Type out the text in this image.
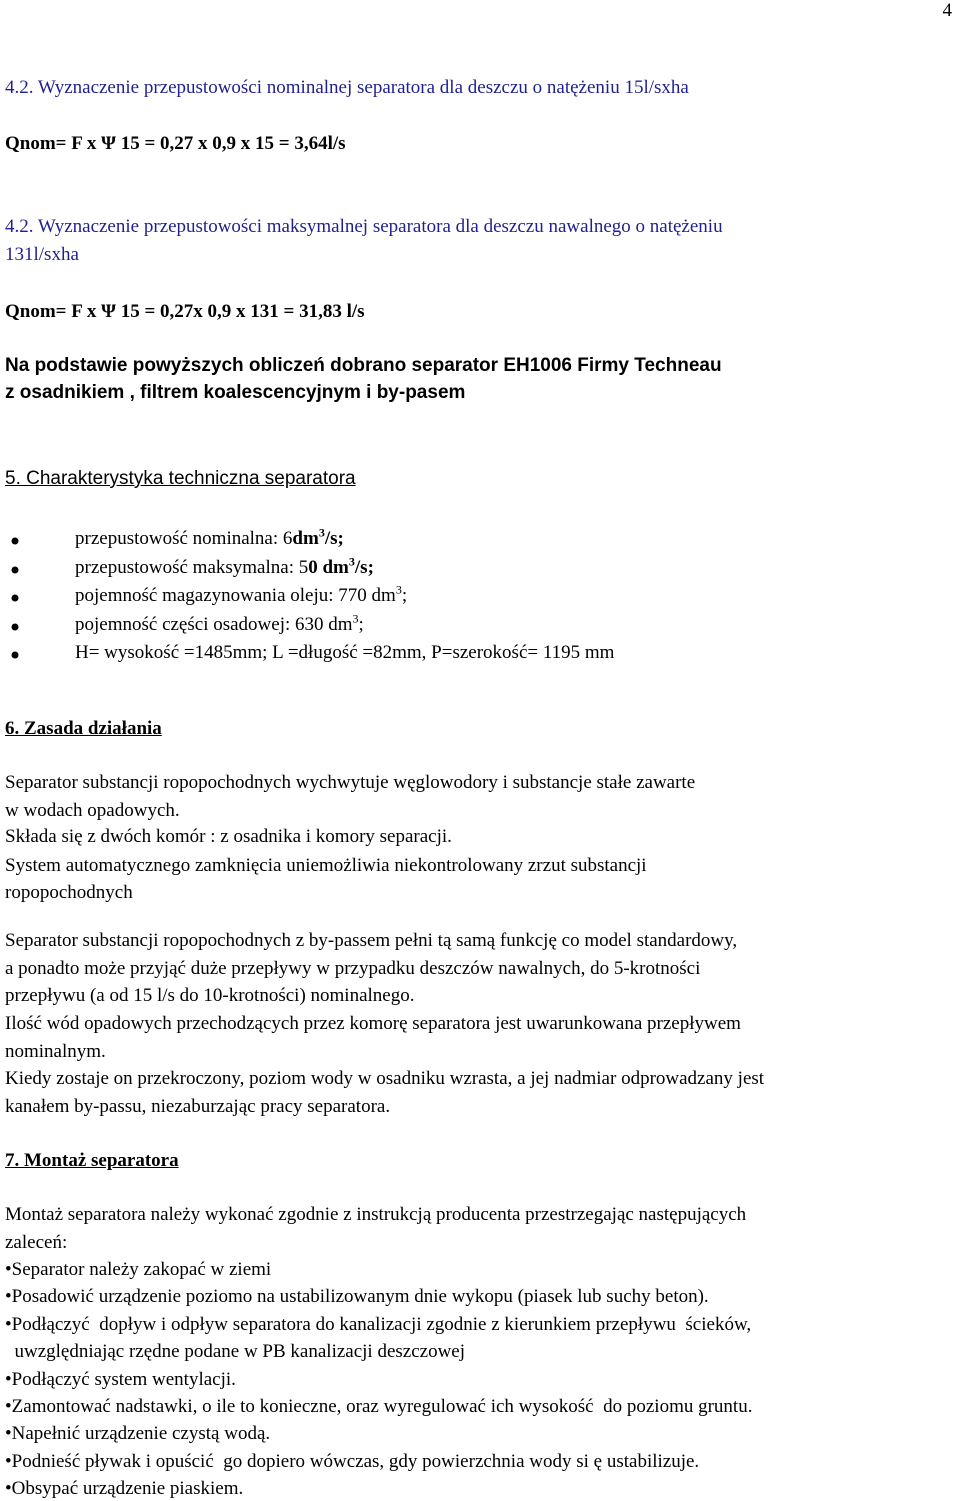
4
4.2. Wyznaczenie przepustowości nominalnej separatora dla deszczu o natężeniu 15l/sxha
Qnom= F x Ψ 15 = 0,27 x 0,9 x 15 = 3,64l/s
4.2. Wyznaczenie przepustowości maksymalnej separatora dla deszczu nawalnego o natężeniu
131l/sxha
Qnom= F x Ψ 15 = 0,27x 0,9 x 131 = 31,83 l/s
Na podstawie powyższych obliczeń dobrano separator EH1006 Firmy Techneau
z osadnikiem , filtrem koalescencyjnym i by-pasem
5. Charakterystyka techniczna separatora
przepustowość nominalna: $6dm^3/s$;
przepustowość maksymalna: 50 $dm^3/s$;
pojemność magazynowania oleju: 770 $dm^3$;
pojemność części osadowej: 630 $dm^3$;
H= wysokość =1485mm; L =długość =82mm, P=szerokość= 1195 mm
6. Zasada działania
Separator substancji ropopochodnych wychwytuje węglowodory i substancje stałe zawarte
w wodach opadowych.
Składa się z dwóch komór : z osadnika i komory separacji.
System automatycznego zamknięcia uniemożliwia niekontrolowany zrzut substancji
ropopochodnych
Separator substancji ropopochodnych z by-passem pełni tą samą funkcję co model standardowy,
a ponadto może przyjąć duże przepływy w przypadku deszczów nawalnych, do 5-krotności
przepływu (a od 15 l/s do 10-krotności) nominalnego.
Ilość wód opadowych przechodzących przez komorę separatora jest uwarunkowana przepływem
nominalnym.
Kiedy zostaje on przekroczony, poziom wody w osadniku wzrasta, a jej nadmiar odprowadzany jest
kanałem by-passu, niezaburzając pracy separatora.
7. Montaż separatora
Montaż separatora należy wykonać zgodnie z instrukcją producenta przestrzegając następujących
zaleceń:
•Separator należy zakopać w ziemi
•Posadowić urządzenie poziomo na ustabilizowanym dnie wykopu (piasek lub suchy beton).
•Podłączyć  dopływ i odpływ separatora do kanalizacji zgodnie z kierunkiem przepływu  ścieków,
uwzględniając rzędne podane w PB kanalizacji deszczowej
•Podłączyć system wentylacji.
•Zamontować nadstawki, o ile to konieczne, oraz wyregulować ich wysokość  do poziomu gruntu.
•Napełnić urządzenie czystą wodą.
•Podnieść pływak i opuścić  go dopiero wówczas, gdy powierzchnia wody si ę ustabilizuje.
•Obsypać urządzenie piaskiem.
